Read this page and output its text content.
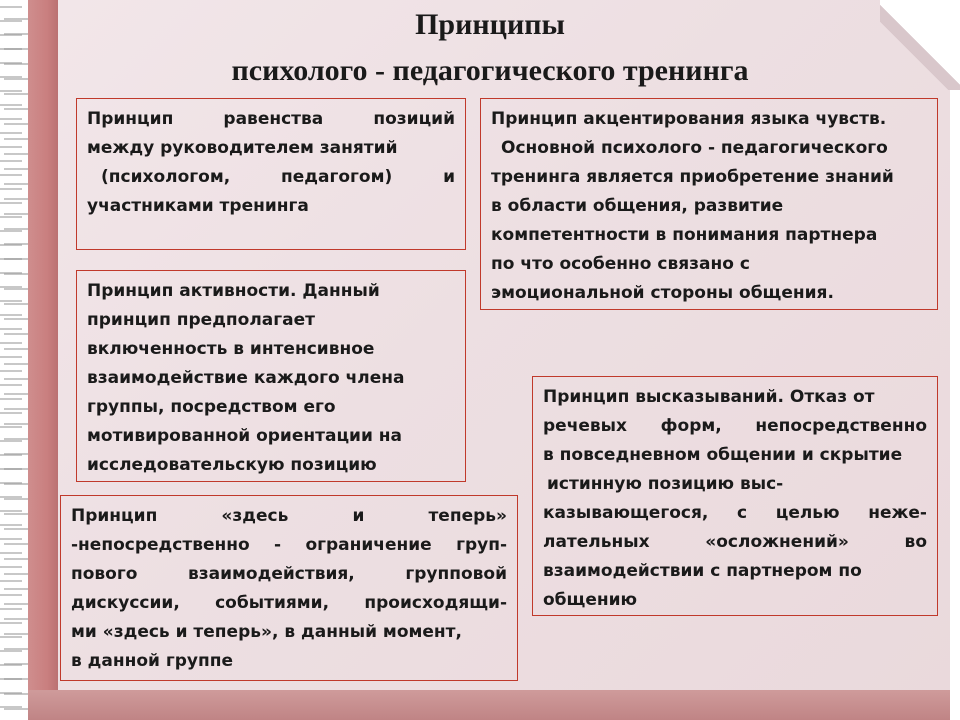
Принципы
психолого - педагогического тренинга
Принцип равенства позиций
между руководителем занятий
(психологом, педагогом) и
участниками тренинга
Принцип акцентирования языка чувств.
Основной психолого - педагогического
тренинга является приобретение знаний
в области общения, развитие
компетентности в понимания партнера
по что особенно связано с
эмоциональной стороны общения.
Принцип активности. Данный
принцип предполагает
включенность в интенсивное
взаимодействие каждого члена
группы, посредством его
мотивированной ориентации на
исследовательскую позицию
Принцип высказываний. Отказ от
речевых форм, непосредственно
в повседневном общении и скрытие
истинную позицию выс-
казывающегося, с целью неже-
лательных «осложнений» во
взаимодействии с партнером по
общению
Принцип «здесь и теперь»
-непосредственно - ограничение груп-
пового взаимодействия, групповой
дискуссии, событиями, происходящи-
ми «здесь и теперь», в данный момент,
в данной группе
